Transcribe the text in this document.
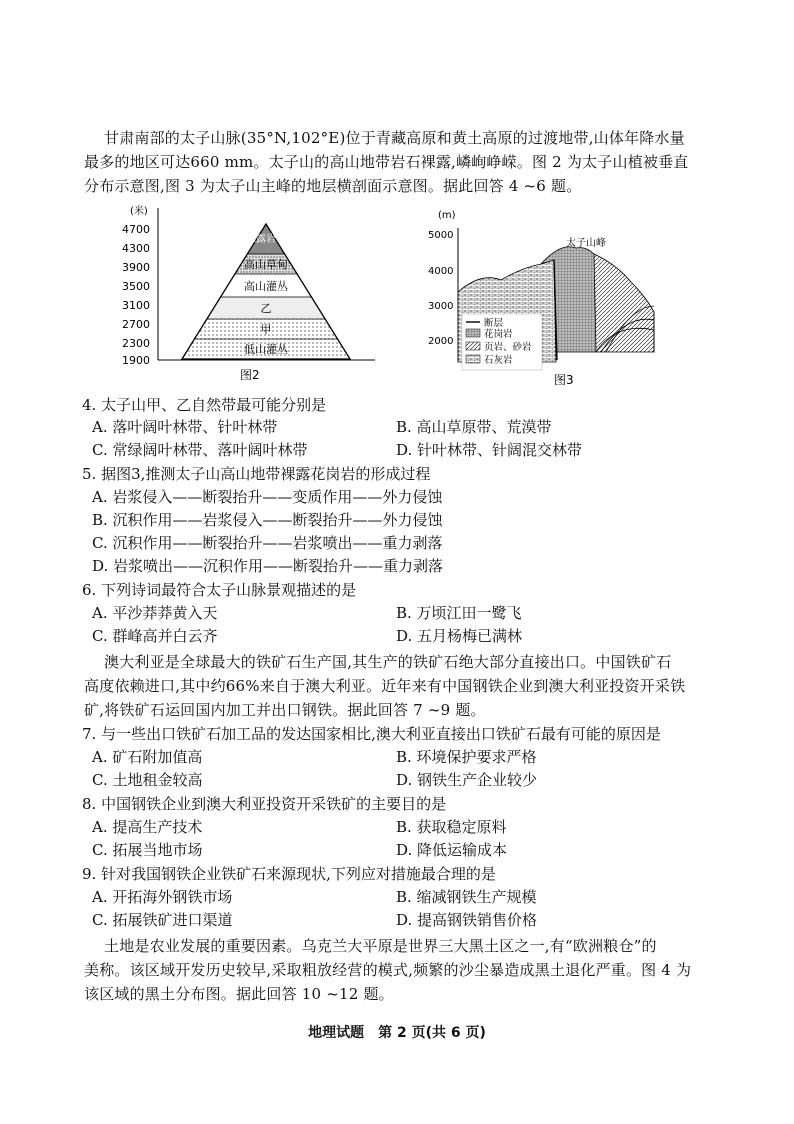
甘肃南部的太子山脉(35°N,102°E)位于青藏高原和黄土高原的过渡地带,山体年降水量
最多的地区可达660 mm。太子山的高山地带岩石裸露,嶙峋峥嵘。图 2 为太子山植被垂直
分布示意图,图 3 为太子山主峰的地层横剖面示意图。据此回答 4 ~6 题。
(米)
4700
4300
3900
3500
3100
2700
2300
1900
裸露岩石
高山草甸
高山灌丛
乙
甲
低山灌丛
图2
(m)
5000
4000
3000
2000
太子山峰
断层
花岗岩
页岩、砂岩
石灰岩
图3
4. 太子山甲、乙自然带最可能分别是
A. 落叶阔叶林带、针叶林带	B. 高山草原带、荒漠带
C. 常绿阔叶林带、落叶阔叶林带	D. 针叶林带、针阔混交林带
5. 据图3,推测太子山高山地带裸露花岗岩的形成过程
A. 岩浆侵入——断裂抬升——变质作用——外力侵蚀
B. 沉积作用——岩浆侵入——断裂抬升——外力侵蚀
C. 沉积作用——断裂抬升——岩浆喷出——重力剥落
D. 岩浆喷出——沉积作用——断裂抬升——重力剥落
6. 下列诗词最符合太子山脉景观描述的是
A. 平沙莽莽黄入天	B. 万顷江田一鹭飞
C. 群峰高并白云齐	D. 五月杨梅已满林
澳大利亚是全球最大的铁矿石生产国,其生产的铁矿石绝大部分直接出口。中国铁矿石
高度依赖进口,其中约66%来自于澳大利亚。近年来有中国钢铁企业到澳大利亚投资开采铁
矿,将铁矿石运回国内加工并出口钢铁。据此回答 7 ~9 题。
7. 与一些出口铁矿石加工品的发达国家相比,澳大利亚直接出口铁矿石最有可能的原因是
A. 矿石附加值高	B. 环境保护要求严格
C. 土地租金较高	D. 钢铁生产企业较少
8. 中国钢铁企业到澳大利亚投资开采铁矿的主要目的是
A. 提高生产技术	B. 获取稳定原料
C. 拓展当地市场	D. 降低运输成本
9. 针对我国钢铁企业铁矿石来源现状,下列应对措施最合理的是
A. 开拓海外钢铁市场	B. 缩减钢铁生产规模
C. 拓展铁矿进口渠道	D. 提高钢铁销售价格
土地是农业发展的重要因素。乌克兰大平原是世界三大黑土区之一,有“欧洲粮仓”的
美称。该区域开发历史较早,采取粗放经营的模式,频繁的沙尘暴造成黑土退化严重。图 4 为
该区域的黑土分布图。据此回答 10 ~12 题。
地理试题　第 2 页(共 6 页)
